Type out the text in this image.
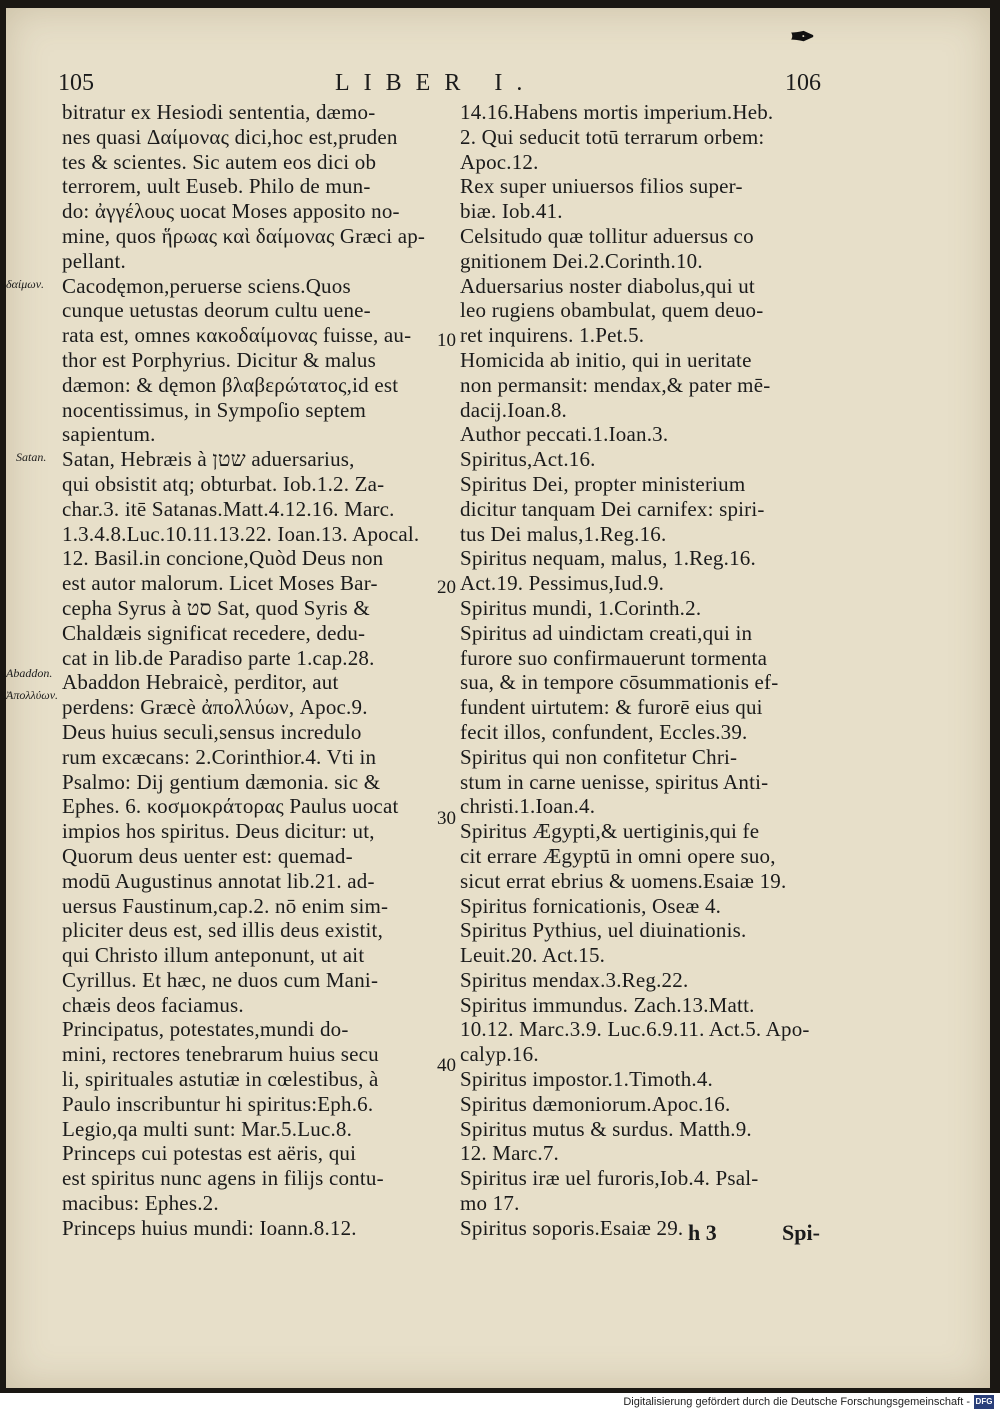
✒
105	LIBER I.	106
bitratur ex Hesiodi sententia, dæmo-
nes quasi Δαίμονας dici,hoc est,pruden
tes & scientes. Sic autem eos dici ob
terrorem, uult Euseb. Philo de mun-
do: ἀγγέλους uocat Moses apposito no-
mine, quos ἥρωας καὶ δαίμονας Græci ap-
pellant.
Cacodęmon,peruerse sciens.Quos
cunque uetustas deorum cultu uene-
rata est, omnes κακοδαίμονας fuisse, au-
thor est Porphyrius. Dicitur & malus
dæmon: & dęmon βλαβερώτατος,id est
nocentissimus, in Sympoſio septem
sapientum.
Satan, Hebræis à שטן aduersarius,
qui obsistit atq; obturbat. Iob.1.2. Za-
char.3. itē Satanas.Matt.4.12.16. Marc.
1.3.4.8.Luc.10.11.13.22. Ioan.13. Apocal.
12. Basil.in concione,Quòd Deus non
est autor malorum. Licet Moses Bar-
cepha Syrus à סט Sat, quod Syris &
Chaldæis significat recedere, dedu-
cat in lib.de Paradiso parte 1.cap.28.
Abaddon Hebraicè, perditor, aut
perdens: Græcè ἀπολλύων, Apoc.9.
Deus huius seculi,sensus incredulo
rum excæcans: 2.Corinthior.4. Vti in
Psalmo: Dij gentium dæmonia. sic &
Ephes. 6. κοσμοκράτορας Paulus uocat
impios hos spiritus. Deus dicitur: ut,
Quorum deus uenter est: quemad-
modū Augustinus annotat lib.21. ad-
uersus Faustinum,cap.2. nō enim sim-
pliciter deus est, sed illis deus existit,
qui Christo illum anteponunt, ut ait
Cyrillus. Et hæc, ne duos cum Mani-
chæis deos faciamus.
Principatus, potestates,mundi do-
mini, rectores tenebrarum huius secu
li, spirituales astutiæ in cœlestibus, à
Paulo inscribuntur hi spiritus:Eph.6.
Legio,qa multi sunt: Mar.5.Luc.8.
Princeps cui potestas est aëris, qui
est spiritus nunc agens in filijs contu-
macibus: Ephes.2.
Princeps huius mundi: Ioann.8.12.
14.16.Habens mortis imperium.Heb.
2. Qui seducit totū terrarum orbem:
Apoc.12.
Rex super uniuersos filios super-
biæ. Iob.41.
Celsitudo quæ tollitur aduersus co
gnitionem Dei.2.Corinth.10.
Aduersarius noster diabolus,qui ut
leo rugiens obambulat, quem deuo-
ret inquirens. 1.Pet.5.
Homicida ab initio, qui in ueritate
non permansit: mendax,& pater mē-
dacij.Ioan.8.
Author peccati.1.Ioan.3.
Spiritus,Act.16.
Spiritus Dei, propter ministerium
dicitur tanquam Dei carnifex: spiri-
tus Dei malus,1.Reg.16.
Spiritus nequam, malus, 1.Reg.16.
Act.19. Pessimus,Iud.9.
Spiritus mundi, 1.Corinth.2.
Spiritus ad uindictam creati,qui in
furore suo confirmauerunt tormenta
sua, & in tempore cōsummationis ef-
fundent uirtutem: & furorē eius qui
fecit illos, confundent, Eccles.39.
Spiritus qui non confitetur Chri-
stum in carne uenisse, spiritus Anti-
christi.1.Ioan.4.
Spiritus Ægypti,& uertiginis,qui fe
cit errare Ægyptū in omni opere suo,
sicut errat ebrius & uomens.Esaiæ 19.
Spiritus fornicationis, Oseæ 4.
Spiritus Pythius, uel diuinationis.
Leuit.20. Act.15.
Spiritus mendax.3.Reg.22.
Spiritus immundus. Zach.13.Matt.
10.12. Marc.3.9. Luc.6.9.11. Act.5. Apo-
calyp.16.
Spiritus impostor.1.Timoth.4.
Spiritus dæmoniorum.Apoc.16.
Spiritus mutus & surdus. Matth.9.
12. Marc.7.
Spiritus iræ uel furoris,Iob.4. Psal-
mo 17.
Spiritus soporis.Esaiæ 29.
δαίμων.
Satan.
Abaddon.
Ἀπολλύων.
10
20
30
40
h 3	Spi-
Digitalisierung gefördert durch die Deutsche Forschungsgemeinschaft - DFG
